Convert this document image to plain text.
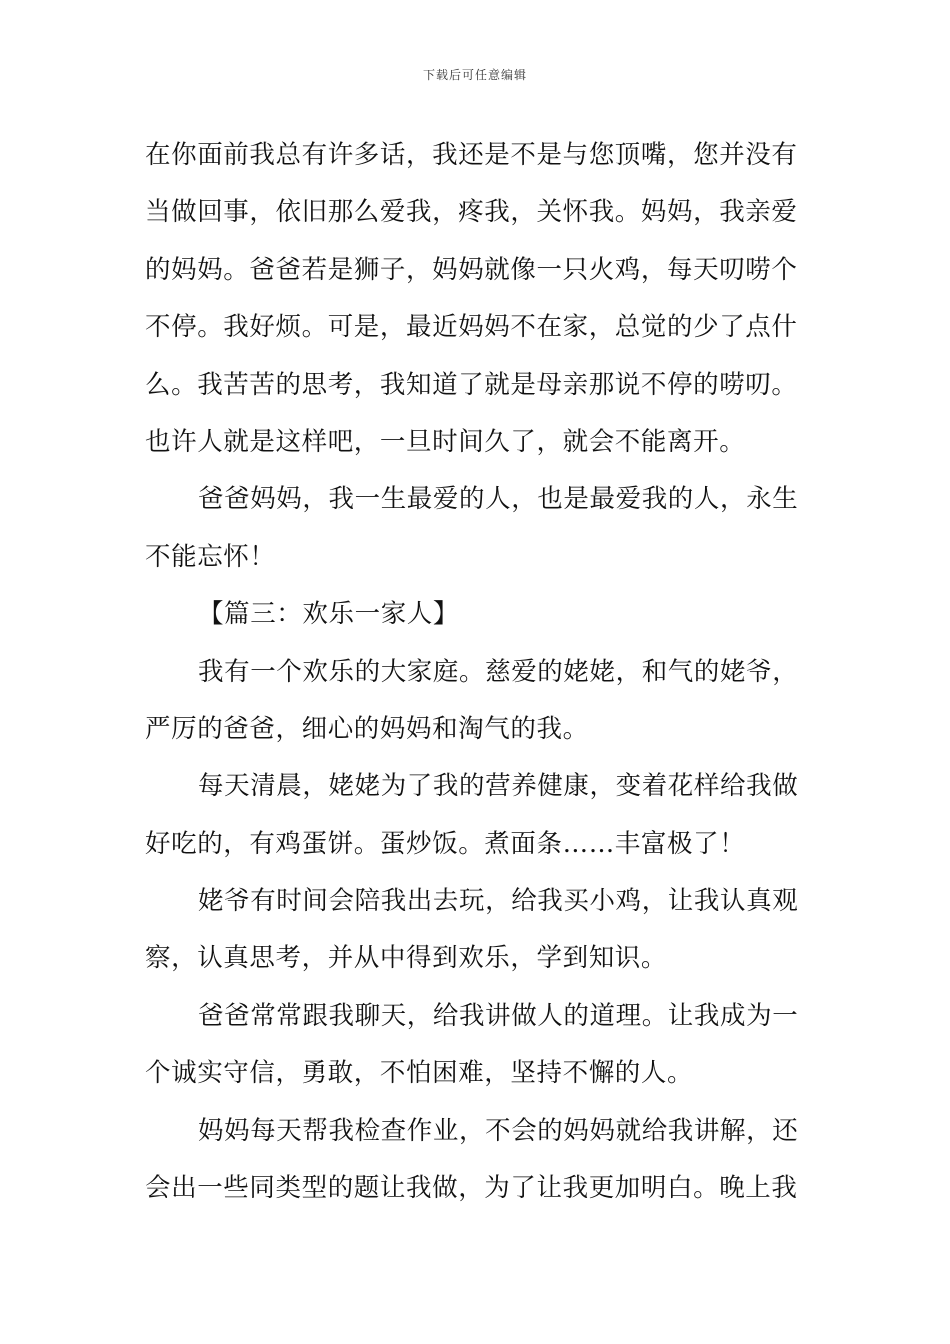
下载后可任意编辑
在你面前我总有许多话，我还是不是与您顶嘴，您并没有
当做回事，依旧那么爱我，疼我，关怀我。妈妈，我亲爱
的妈妈。爸爸若是狮子，妈妈就像一只火鸡，每天叨唠个
不停。我好烦。可是，最近妈妈不在家，总觉的少了点什
么。我苦苦的思考，我知道了就是母亲那说不停的唠叨。
也许人就是这样吧，一旦时间久了，就会不能离开。
爸爸妈妈，我一生最爱的人，也是最爱我的人，永生
不能忘怀！
【篇三：欢乐一家人】
我有一个欢乐的大家庭。慈爱的姥姥，和气的姥爷，
严厉的爸爸，细心的妈妈和淘气的我。
每天清晨，姥姥为了我的营养健康，变着花样给我做
好吃的，有鸡蛋饼。蛋炒饭。煮面条……丰富极了！
姥爷有时间会陪我出去玩，给我买小鸡，让我认真观
察，认真思考，并从中得到欢乐，学到知识。
爸爸常常跟我聊天，给我讲做人的道理。让我成为一
个诚实守信，勇敢，不怕困难，坚持不懈的人。
妈妈每天帮我检查作业，不会的妈妈就给我讲解，还
会出一些同类型的题让我做，为了让我更加明白。晚上我
